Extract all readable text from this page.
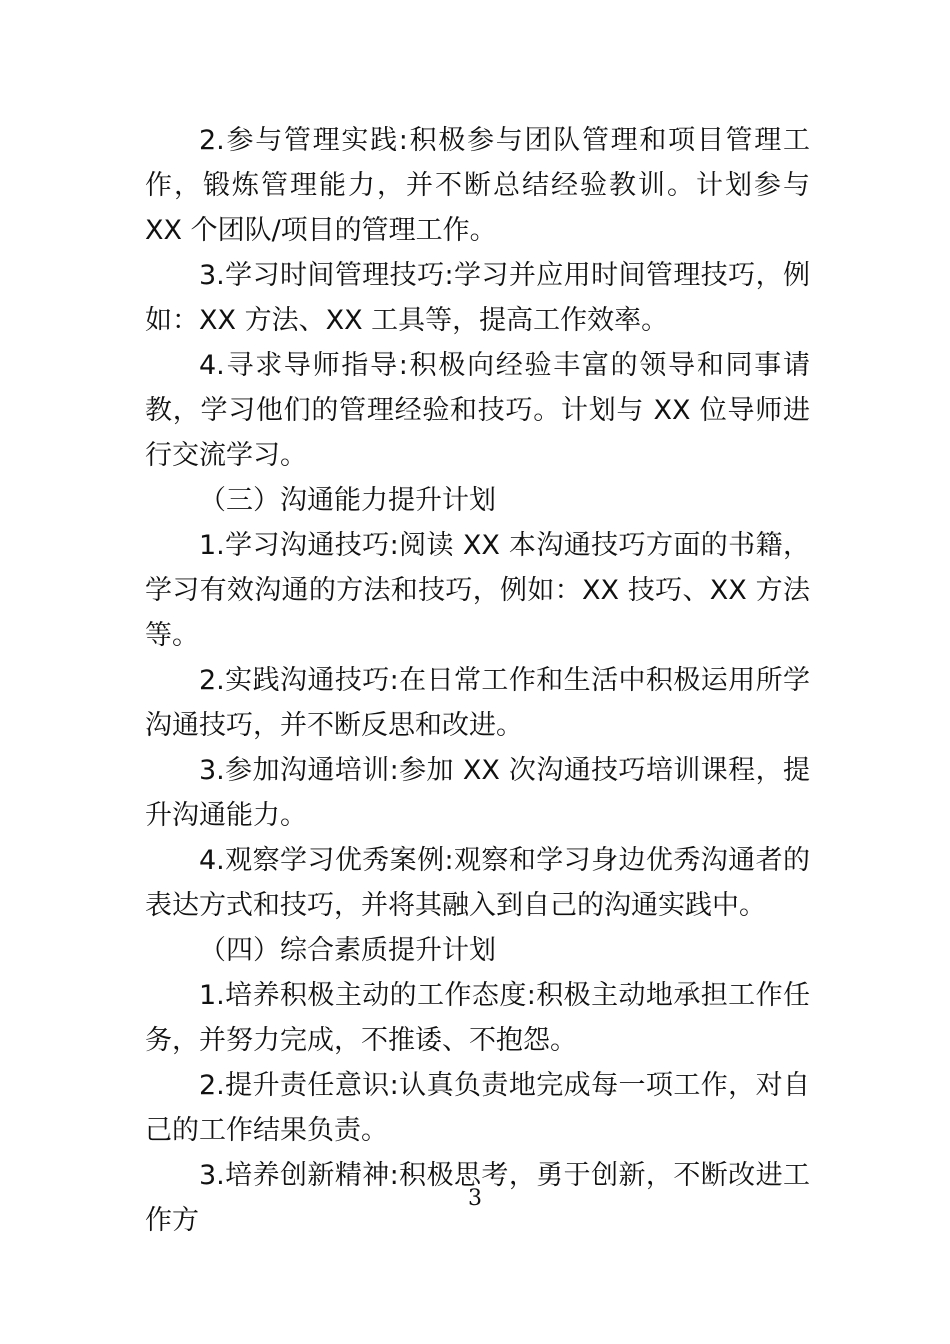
2.参与管理实践:积极参与团队管理和项目管理工作，锻炼管理能力，并不断总结经验教训。计划参与 XX 个团队/项目的管理工作。

3.学习时间管理技巧:学习并应用时间管理技巧，例如：XX 方法、XX 工具等，提高工作效率。

4.寻求导师指导:积极向经验丰富的领导和同事请教，学习他们的管理经验和技巧。计划与 XX 位导师进行交流学习。

（三）沟通能力提升计划

1.学习沟通技巧:阅读 XX 本沟通技巧方面的书籍，学习有效沟通的方法和技巧，例如：XX 技巧、XX 方法等。

2.实践沟通技巧:在日常工作和生活中积极运用所学沟通技巧，并不断反思和改进。

3.参加沟通培训:参加 XX 次沟通技巧培训课程，提升沟通能力。

4.观察学习优秀案例:观察和学习身边优秀沟通者的表达方式和技巧，并将其融入到自己的沟通实践中。

（四）综合素质提升计划

1.培养积极主动的工作态度:积极主动地承担工作任务，并努力完成，不推诿、不抱怨。

2.提升责任意识:认真负责地完成每一项工作，对自己的工作结果负责。

3.培养创新精神:积极思考，勇于创新，不断改进工作方

3
